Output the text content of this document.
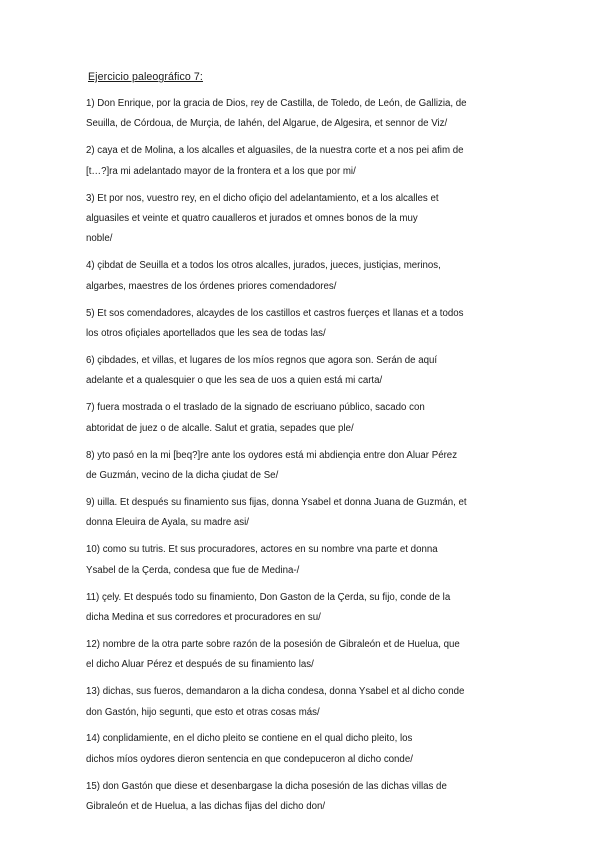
Ejercicio paleográfico 7:
1) Don Enrique, por la gracia de Dios, rey de Castilla, de Toledo, de León, de Gallizia, de
Seuilla, de Córdoua, de Murçia, de Iahén, del Algarue, de Algesira, et sennor de Viz/
2) caya et de Molina, a los alcalles et alguasiles, de la nuestra corte et a nos pei afim de
[t…?]ra mi adelantado mayor de la frontera et a los que por mi/
3) Et por nos, vuestro rey, en el dicho ofiçio del adelantamiento, et a los alcalles et
alguasiles et veinte et quatro caualleros et jurados et omnes bonos de la muy
noble/
4) çibdat de Seuilla et a todos los otros alcalles, jurados, jueces, justiçias, merinos,
algarbes, maestres de los órdenes priores comendadores/
5) Et sos comendadores, alcaydes de los castillos et castros fuerçes et llanas et a todos
los otros ofiçiales aportellados que les sea de todas las/
6) çibdades, et villas, et lugares de los míos regnos que agora son. Serán de aquí
adelante et a qualesquier o que les sea de uos a quien está mi carta/
7) fuera mostrada o el traslado de la signado de escriuano público, sacado con
abtoridat de juez o de alcalle. Salut et gratia, sepades que ple/
8) yto pasó en la mi [beq?]re ante los oydores está mi abdiençia entre don Aluar Pérez
de Guzmán, vecino de la dicha çiudat de Se/
9) uilla. Et después su finamiento sus fijas, donna Ysabel et donna Juana de Guzmán, et
donna Eleuira de Ayala, su madre asi/
10) como su tutris. Et sus procuradores, actores en su nombre vna parte et donna
Ysabel de la Çerda, condesa que fue de Medina-/
11) çely. Et después todo su finamiento, Don Gaston de la Çerda, su fijo, conde de la
dicha Medina et sus corredores et procuradores en su/
12) nombre de la otra parte sobre razón de la posesión de Gibraleón et de Huelua, que
el dicho Aluar Pérez et después de su finamiento las/
13) dichas, sus fueros, demandaron a la dicha condesa, donna Ysabel et al dicho conde
don Gastón, hijo segunti, que esto et otras cosas más/
14) conplidamiente, en el dicho pleito se contiene en el qual dicho pleito, los
dichos míos oydores dieron sentencia en que condepuceron al dicho conde/
15) don Gastón que diese et desenbargase la dicha posesión de las dichas villas de
Gibraleón et de Huelua, a las dichas fijas del dicho don/
